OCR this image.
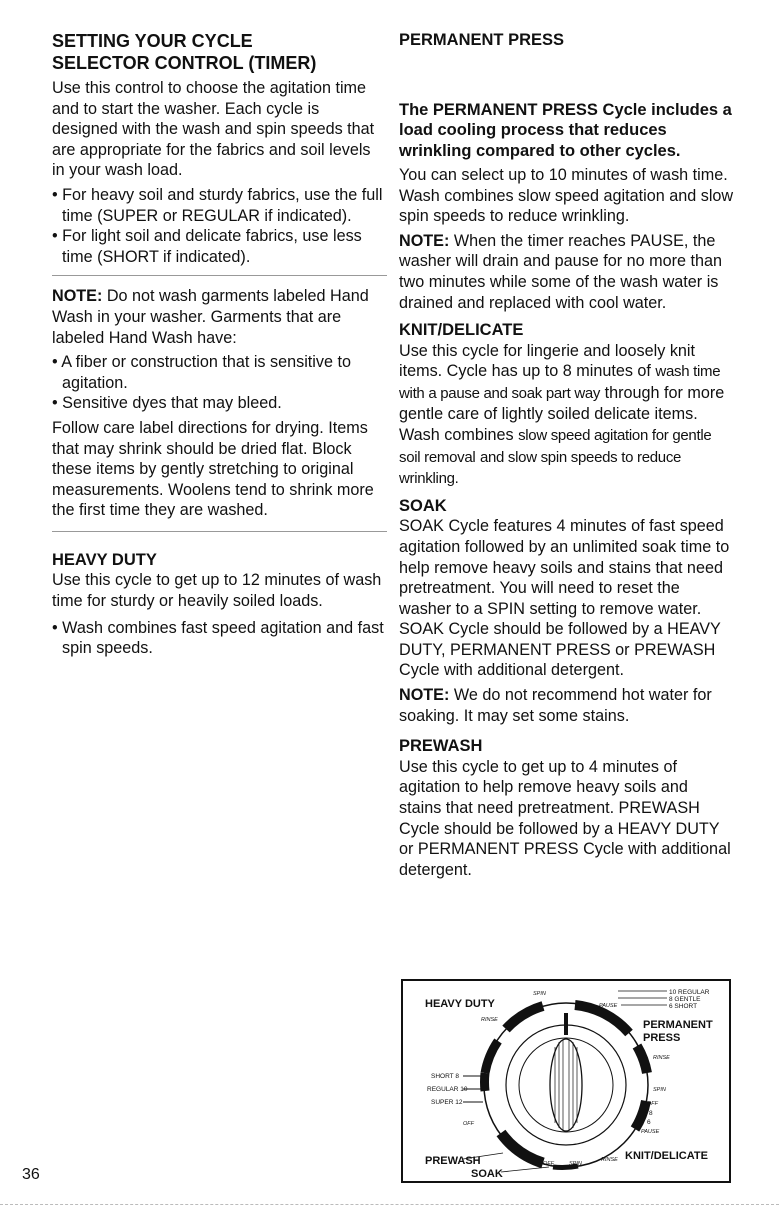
SETTING YOUR CYCLE

SELECTOR CONTROL (TIMER)

Use this control to choose the agitation time and to start the washer. Each cycle is designed with the wash and spin speeds that are appropriate for the fabrics and soil levels in your wash load.

• For heavy soil and sturdy fabrics, use the full time (SUPER or REGULAR if indicated).

• For light soil and delicate fabrics, use less time (SHORT if indicated).

NOTE: Do not wash garments labeled Hand Wash in your washer. Garments that are labeled Hand Wash have:

• A fiber or construction that is sensitive to agitation.

• Sensitive dyes that may bleed.

Follow care label directions for drying. Items that may shrink should be dried flat. Block these items by gently stretching to original measurements. Woolens tend to shrink more the first time they are washed.

HEAVY DUTY

Use this cycle to get up to 12 minutes of wash time for sturdy or heavily soiled loads.

• Wash combines fast speed agitation and fast spin speeds.

PERMANENT PRESS

The PERMANENT PRESS Cycle includes a load cooling process that reduces wrinkling compared to other cycles.

You can select up to 10 minutes of wash time. Wash combines slow speed agitation and slow spin speeds to reduce wrinkling.

NOTE: When the timer reaches PAUSE, the washer will drain and pause for no more than two minutes while some of the wash water is drained and replaced with cool water.

KNIT/DELICATE

Use this cycle for lingerie and loosely knit items. Cycle has up to 8 minutes of wash time with a pause and soak part way through for more gentle care of lightly soiled delicate items. Wash combines slow speed agitation for gentle soil removal and slow spin speeds to reduce wrinkling.

SOAK

SOAK Cycle features 4 minutes of fast speed agitation followed by an unlimited soak time to help remove heavy soils and stains that need pretreatment. You will need to reset the washer to a SPIN setting to remove water. SOAK Cycle should be followed by a HEAVY DUTY, PERMANENT PRESS or PREWASH Cycle with additional detergent.

NOTE: We do not recommend hot water for soaking. It may set some stains.

PREWASH

Use this cycle to get up to 4 minutes of agitation to help remove heavy soils and stains that need pretreatment. PREWASH Cycle should be followed by a HEAVY DUTY or PERMANENT PRESS Cycle with additional detergent.

HEAVY DUTY
PERMANENT
PRESS
PREWASH
SOAK
KNIT/DELICATE
10 REGULAR
8 GENTLE
6 SHORT
SHORT 8
REGULAR 10
SUPER 12
SPIN
RINSE
PAUSE
RINSE
SPIN
OFF
8
6
PAUSE
OFF
OFF	SPIN
RINSE
36
